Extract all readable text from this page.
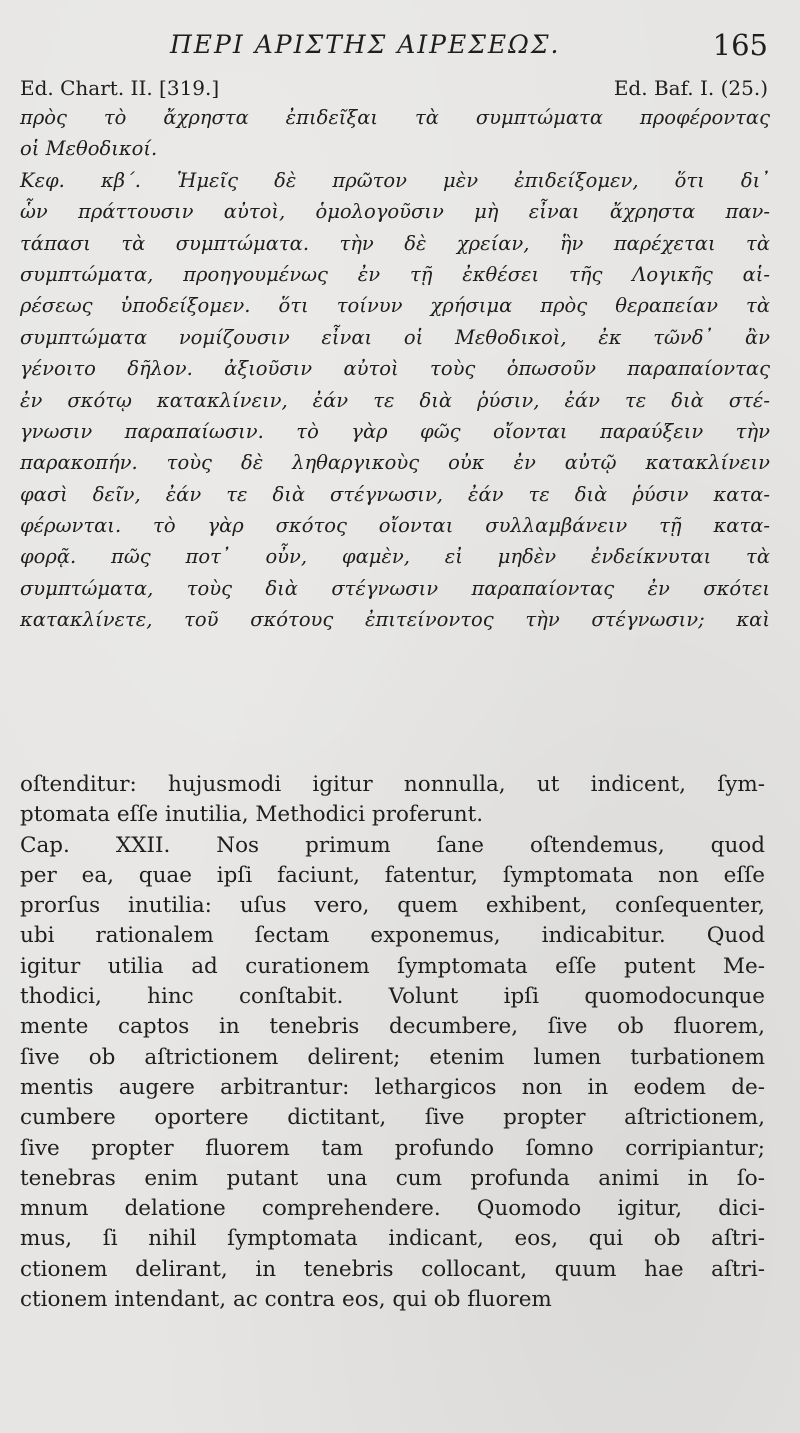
ΠΕΡΙ ΑΡΙΣΤΗΣ ΑΙΡΕΣΕΩΣ.	165
Ed. Chart. II. [319.]	Ed. Baf. I. (25.)
πρὸς τὸ ἄχρηστα ἐπιδεῖξαι τὰ συμπτώματα προφέροντας
οἱ Μεθοδικοί.
Κεφ. κβ΄. Ἡμεῖς δὲ πρῶτον μὲν ἐπιδείξομεν, ὅτι δι᾽
ὧν πράττουσιν αὐτοὶ, ὁμολογοῦσιν μὴ εἶναι ἄχρηστα παν-
τάπασι τὰ συμπτώματα. τὴν δὲ χρείαν, ἣν παρέχεται τὰ
συμπτώματα, προηγουμένως ἐν τῇ ἐκθέσει τῆς Λογικῆς αἱ-
ρέσεως ὑποδείξομεν. ὅτι τοίνυν χρήσιμα πρὸς θεραπείαν τὰ
συμπτώματα νομίζουσιν εἶναι οἱ Μεθοδικοὶ, ἐκ τῶνδ᾽ ἂν
γένοιτο δῆλον. ἀξιοῦσιν αὐτοὶ τοὺς ὁπωσοῦν παραπαίοντας
ἐν σκότῳ κατακλίνειν, ἐάν τε διὰ ῥύσιν, ἐάν τε διὰ στέ-
γνωσιν παραπαίωσιν. τὸ γὰρ φῶς οἴονται παραύξειν τὴν
παρακοπήν. τοὺς δὲ ληθαργικοὺς οὐκ ἐν αὐτῷ κατακλίνειν
φασὶ δεῖν, ἐάν τε διὰ στέγνωσιν, ἐάν τε διὰ ῥύσιν κατα-
φέρωνται. τὸ γὰρ σκότος οἴονται συλλαμβάνειν τῇ κατα-
φορᾷ. πῶς ποτ᾽ οὖν, φαμὲν, εἰ μηδὲν ἐνδείκνυται τὰ
συμπτώματα, τοὺς διὰ στέγνωσιν παραπαίοντας ἐν σκότει
κατακλίνετε, τοῦ σκότους ἐπιτείνοντος τὴν στέγνωσιν; καὶ
oſtenditur: hujusmodi igitur nonnulla, ut indicent, ſym-
ptomata eſſe inutilia, Methodici proferunt.
Cap. XXII. Nos primum ſane oſtendemus, quod
per ea, quae ipſi faciunt, fatentur, ſymptomata non eſſe
prorſus inutilia: uſus vero, quem exhibent, conſequenter,
ubi rationalem ſectam exponemus, indicabitur. Quod
igitur utilia ad curationem ſymptomata eſſe putent Me-
thodici, hinc conſtabit. Volunt ipſi quomodocunque
mente captos in tenebris decumbere, ſive ob fluorem,
ſive ob aſtrictionem delirent; etenim lumen turbationem
mentis augere arbitrantur: lethargicos non in eodem de-
cumbere oportere dictitant, ſive propter aſtrictionem,
ſive propter fluorem tam profundo ſomno corripiantur;
tenebras enim putant una cum profunda animi in ſo-
mnum delatione comprehendere. Quomodo igitur, dici-
mus, ſi nihil ſymptomata indicant, eos, qui ob aſtri-
ctionem delirant, in tenebris collocant, quum hae aſtri-
ctionem intendant, ac contra eos, qui ob fluorem
